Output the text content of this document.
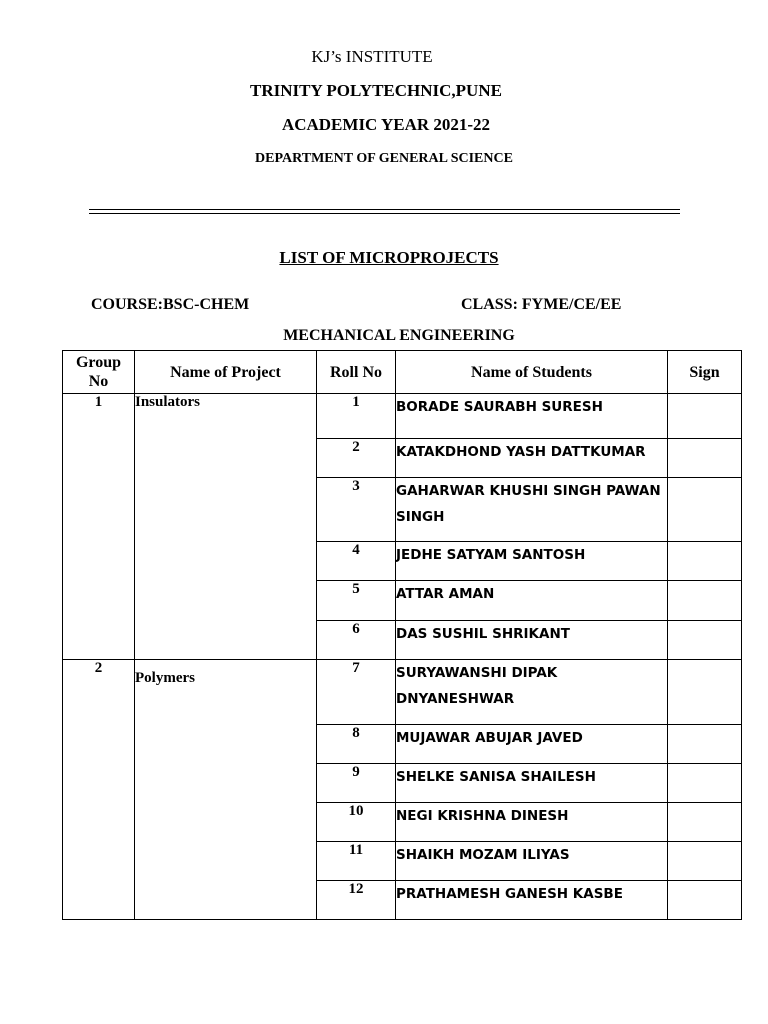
KJ’s INSTITUTE
TRINITY POLYTECHNIC,PUNE
ACADEMIC YEAR 2021-22
DEPARTMENT OF GENERAL SCIENCE
LIST OF MICROPROJECTS
COURSE:BSC-CHEM	CLASS: FYME/CE/EE
MECHANICAL ENGINEERING
Group
No	Name of Project	Roll No	Name of Students	Sign
1	Insulators	1	BORADE SAURABH SURESH	
		2	KATAKDHOND YASH DATTKUMAR	
		3	GAHARWAR KHUSHI SINGH PAWAN SINGH	
		4	JEDHE SATYAM SANTOSH	
		5	ATTAR AMAN	
		6	DAS SUSHIL SHRIKANT	
2	Polymers	7	SURYAWANSHI DIPAK DNYANESHWAR	
		8	MUJAWAR ABUJAR JAVED	
		9	SHELKE SANISA SHAILESH	
		10	NEGI KRISHNA DINESH	
		11	SHAIKH MOZAM ILIYAS	
		12	PRATHAMESH GANESH KASBE	
